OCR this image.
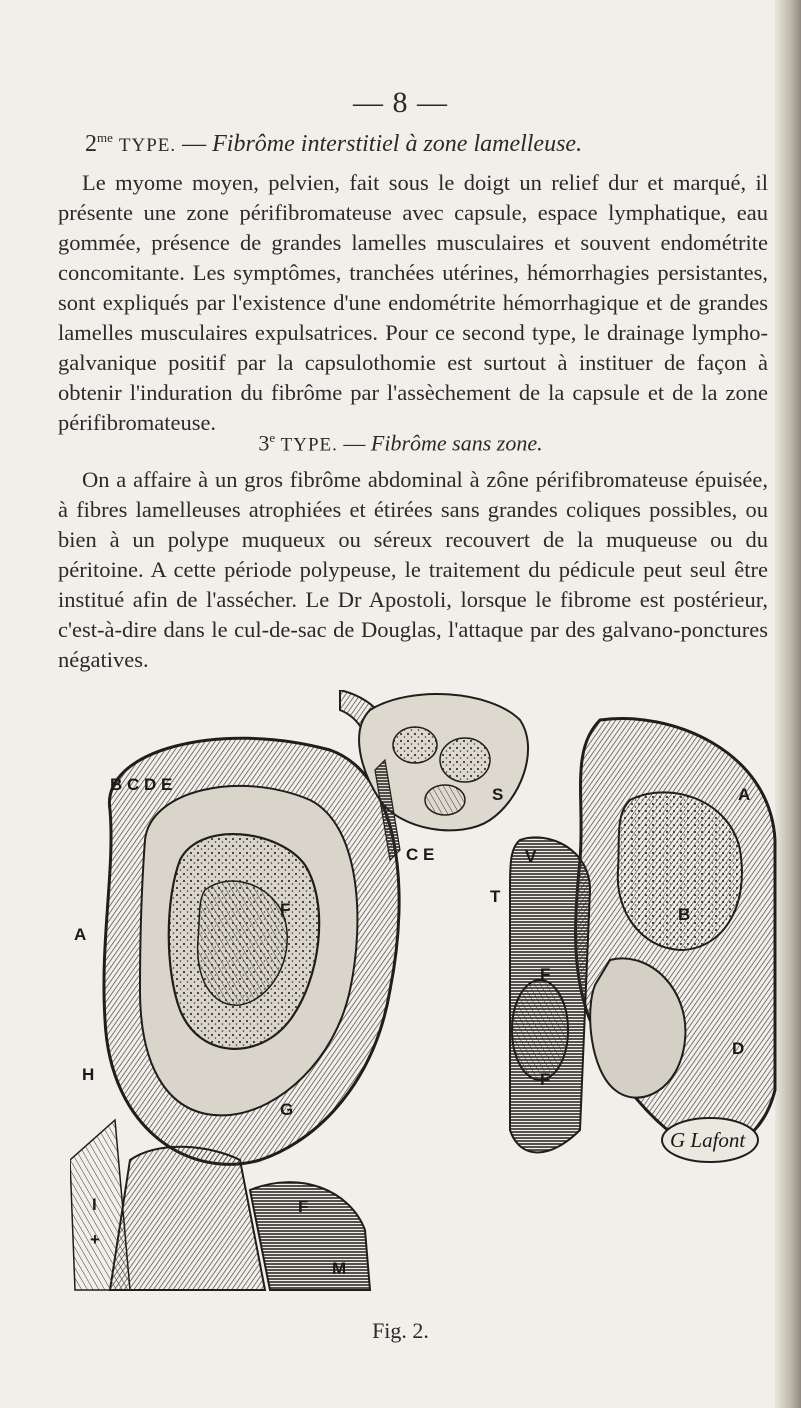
— 8 —
$2^{me}$ TYPE. — Fibrôme interstitiel à zone lamelleuse.

Le myome moyen, pelvien, fait sous le doigt un relief dur et marqué, il présente une zone périfibromateuse avec capsule, espace lymphatique, eau gommée, présence de grandes lamelles musculaires et souvent endométrite concomitante. Les symptômes, tranchées utérines, hémorrhagies persistantes, sont expliqués par l'existence d'une endométrite hémorrhagique et de grandes lamelles musculaires expulsatrices. Pour ce second type, le drainage lympho-galvanique positif par la capsulothomie est surtout à instituer de façon à obtenir l'induration du fibrôme par l'assèchement de la capsule et de la zone périfibromateuse.

3e TYPE. — Fibrôme sans zone.

On a affaire à un gros fibrôme abdominal à zône périfibromateuse épuisée, à fibres lamelleuses atrophiées et étirées sans grandes coliques possibles, ou bien à un polype muqueux ou séreux recouvert de la muqueuse ou du péritoine. A cette période polypeuse, le traitement du pédicule peut seul être institué afin de l'assécher. Le Dr Apostoli, lorsque le fibrome est postérieur, c'est-à-dire dans le cul-de-sac de Douglas, l'attaque par des galvano-ponctures négatives.

B C D E
A
H
G
I
+
F
M
F
C E	V
T
A
B
F
D
F
S
G Lafont
Fig. 2.
